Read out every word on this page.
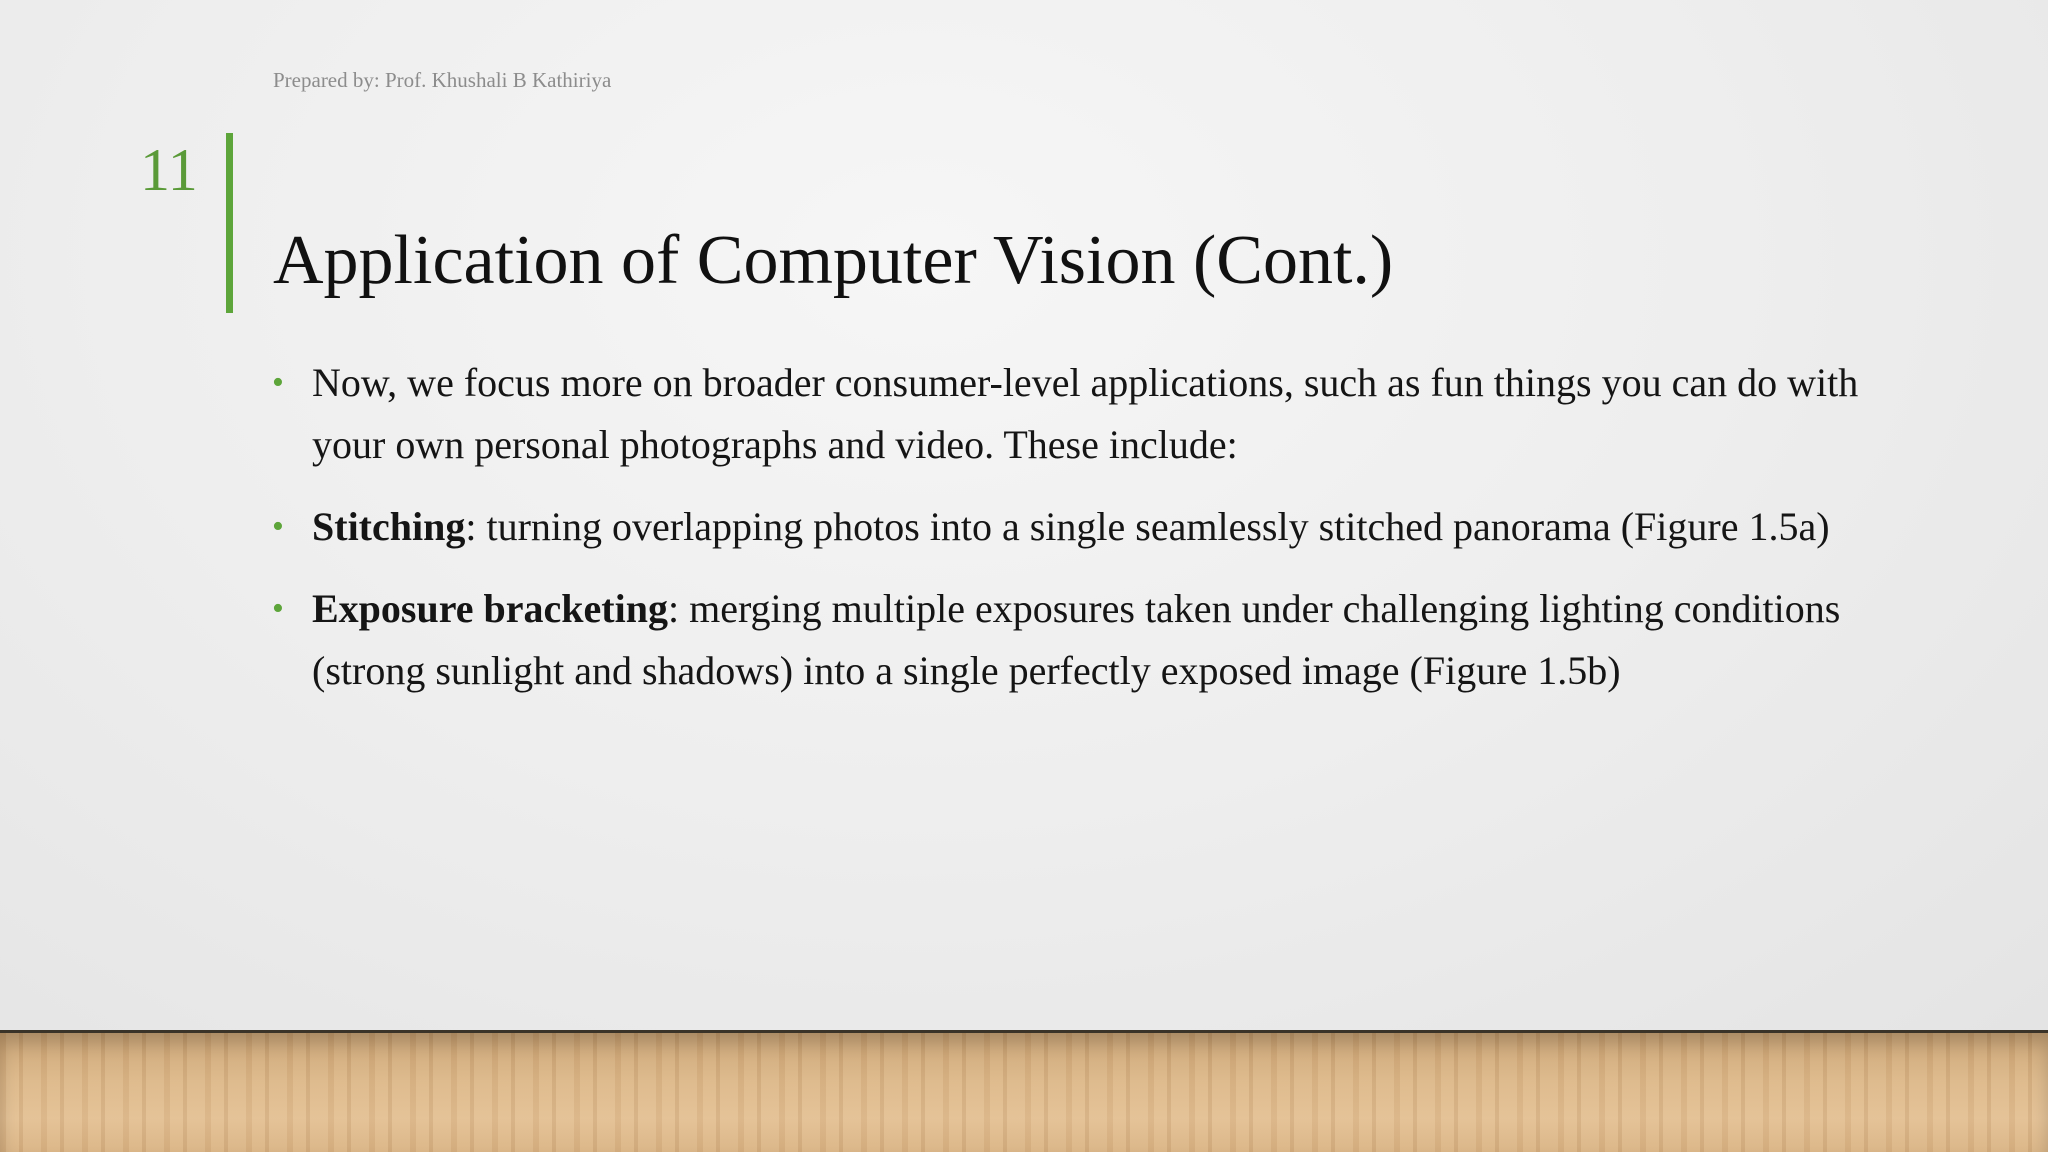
Prepared by: Prof. Khushali B Kathiriya
11
Application of Computer Vision (Cont.)
• Now, we focus more on broader consumer-level applications, such as fun things you can do with your own personal photographs and video. These include:
• Stitching: turning overlapping photos into a single seamlessly stitched panorama (Figure 1.5a)
• Exposure bracketing: merging multiple exposures taken under challenging lighting conditions (strong sunlight and shadows) into a single perfectly exposed image (Figure 1.5b)
